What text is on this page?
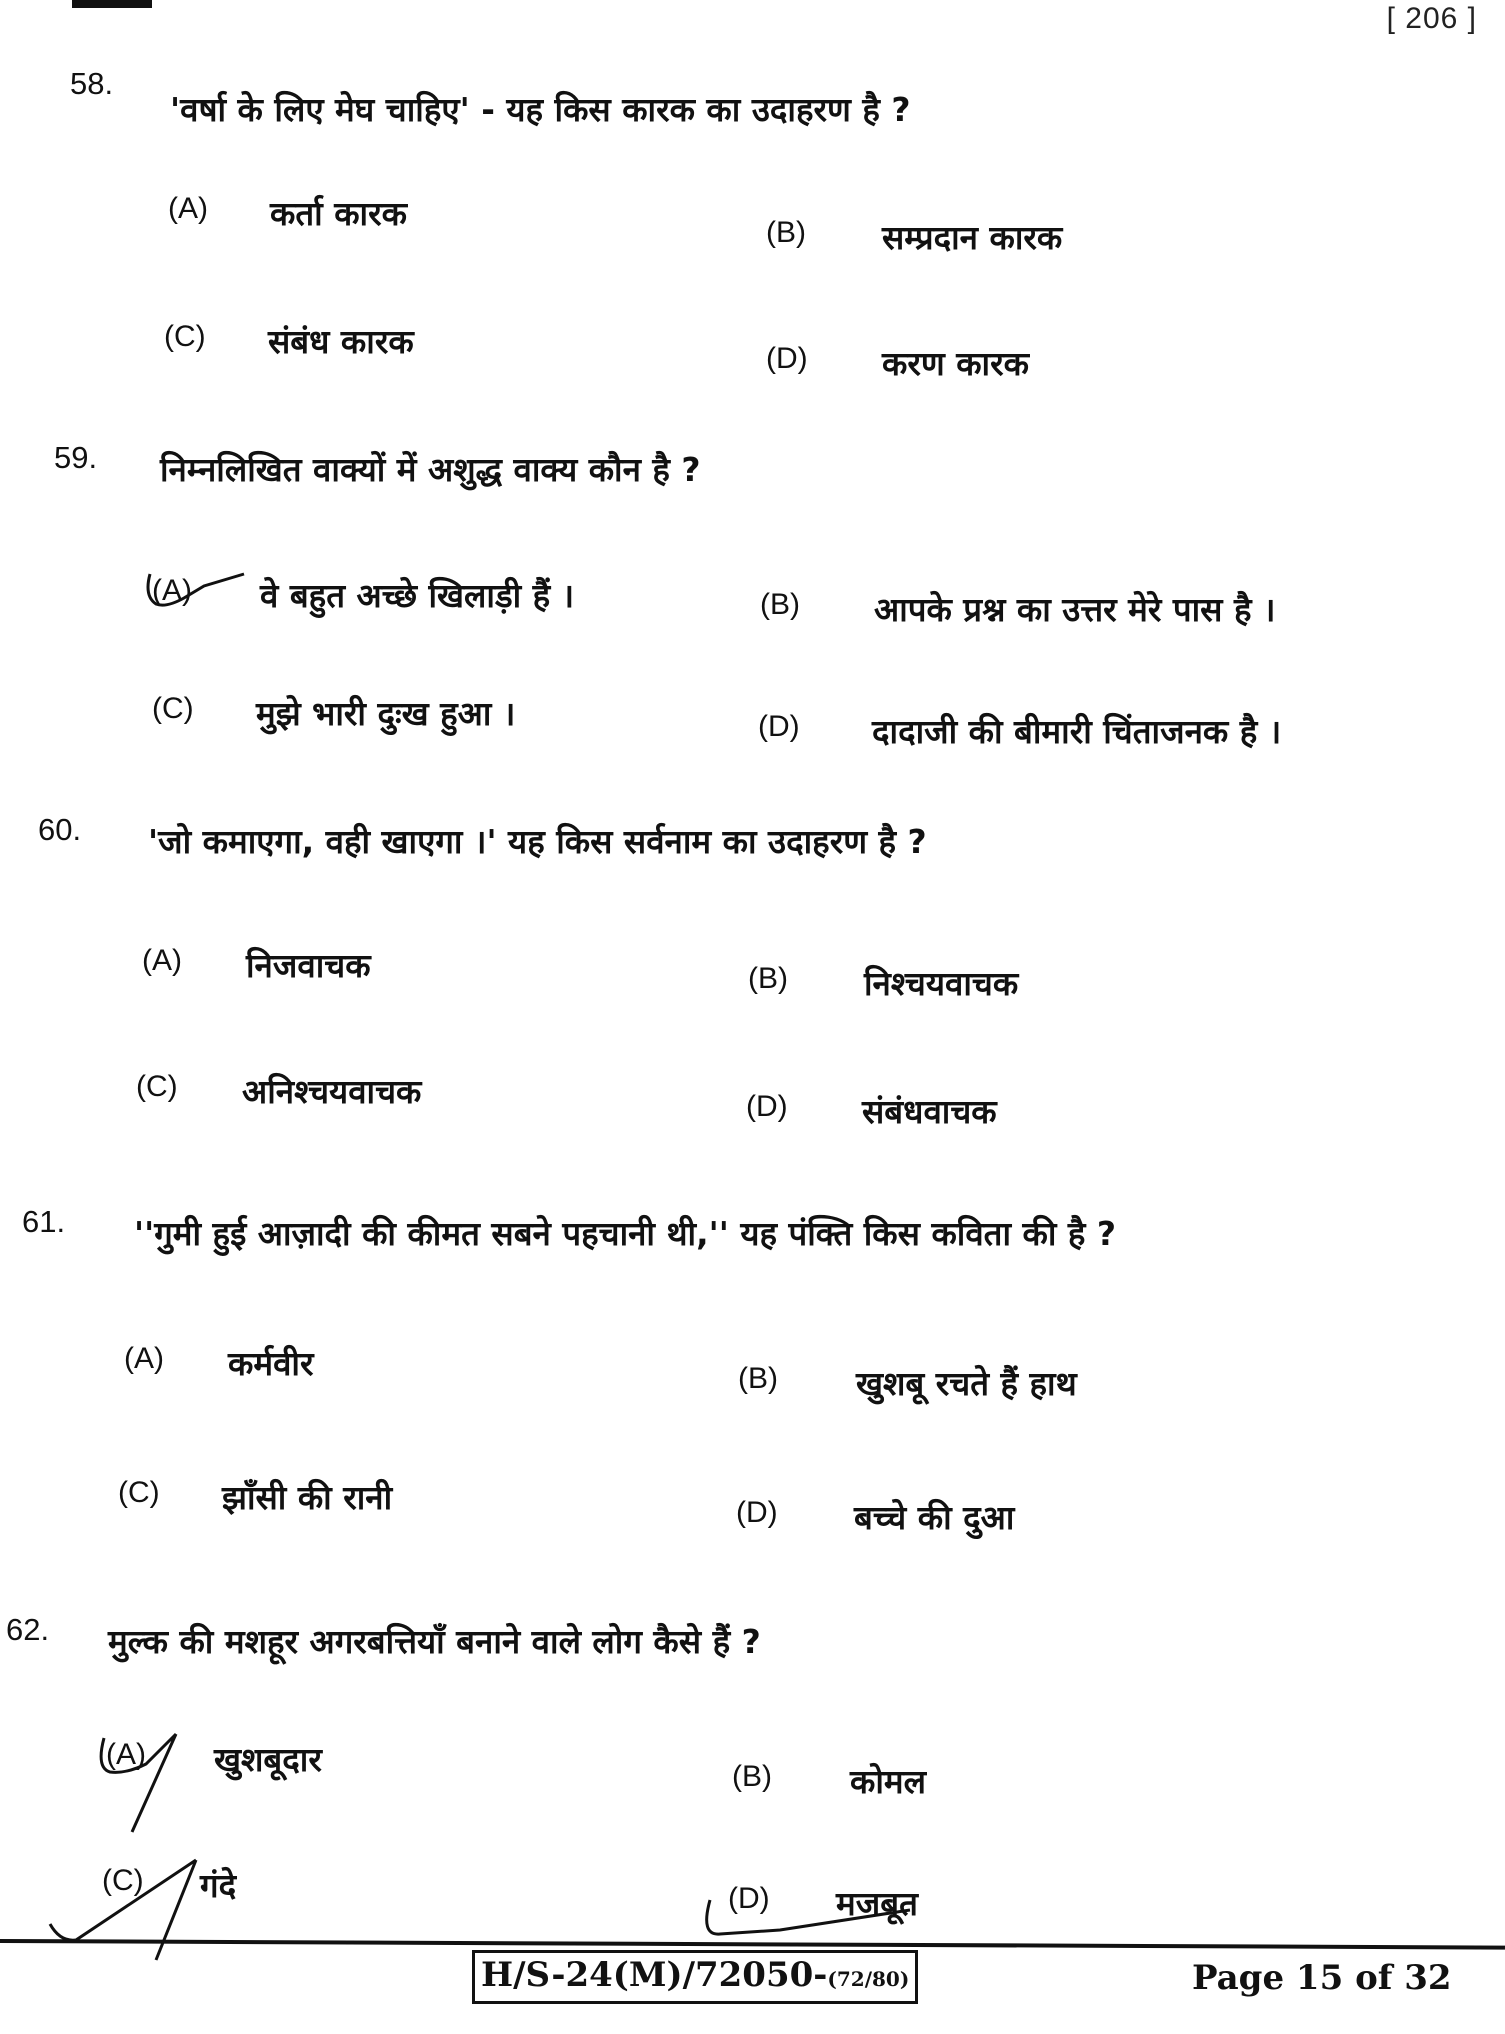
[ 206 ]
58.
'वर्षा के लिए मेघ चाहिए' - यह किस कारक का उदाहरण है ?
(A) कर्ता कारक	(B) सम्प्रदान कारक
(C) संबंध कारक	(D) करण कारक
59. निम्नलिखित वाक्यों में अशुद्ध वाक्य कौन है ?
(A) वे बहुत अच्छे खिलाड़ी हैं ।	(B) आपके प्रश्न का उत्तर मेरे पास है ।
(C) मुझे भारी दुःख हुआ ।	(D) दादाजी की बीमारी चिंताजनक है ।
60. 'जो कमाएगा, वही खाएगा ।' यह किस सर्वनाम का उदाहरण है ?
(A) निजवाचक	(B) निश्चयवाचक
(C) अनिश्चयवाचक	(D) संबंधवाचक
61. ''गुमी हुई आज़ादी की कीमत सबने पहचानी थी,'' यह पंक्ति किस कविता की है ?
(A) कर्मवीर	(B) खुशबू रचते हैं हाथ
(C) झाँसी की रानी	(D) बच्चे की दुआ
62. मुल्क की मशहूर अगरबत्तियाँ बनाने वाले लोग कैसे हैं ?
(A) खुशबूदार	(B) कोमल
(C) गंदे	(D) मजबूत
H/S-24(M)/72050-(72/80)	Page 15 of 32
